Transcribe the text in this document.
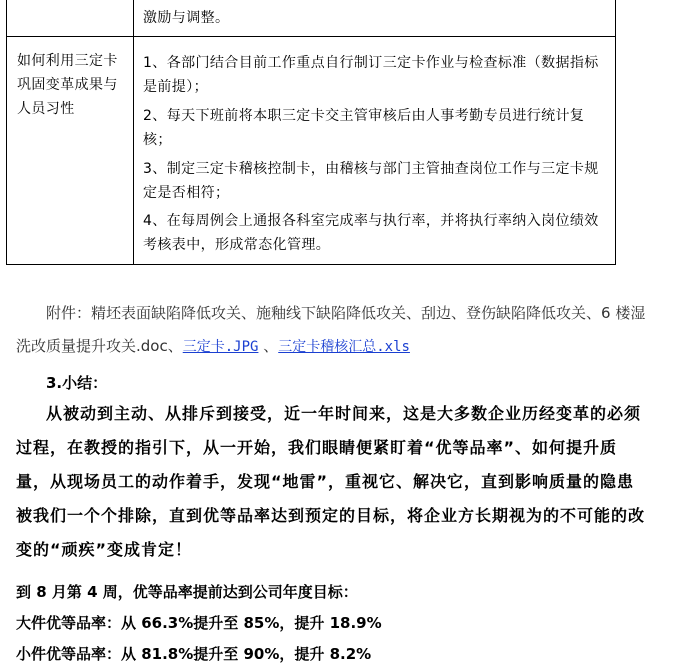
激励与调整。
如何利用三定卡巩固变革成果与人员习性
1、各部门结合目前工作重点自行制订三定卡作业与检查标准（数据指标是前提）；
2、每天下班前将本职三定卡交主管审核后由人事考勤专员进行统计复核；
3、制定三定卡稽核控制卡，由稽核与部门主管抽查岗位工作与三定卡规定是否相符；
4、在每周例会上通报各科室完成率与执行率，并将执行率纳入岗位绩效考核表中，形成常态化管理。
附件：精坯表面缺陷降低攻关、施釉线下缺陷降低攻关、刮边、登伤缺陷降低攻关、6 楼湿洗改质量提升攻关.doc、三定卡.JPG 、三定卡稽核汇总.xls
3.小结：
从被动到主动、从排斥到接受，近一年时间来，这是大多数企业历经变革的必须过程，在教授的指引下，从一开始，我们眼睛便紧盯着“优等品率”、如何提升质量，从现场员工的动作着手，发现“地雷”，重视它、解决它，直到影响质量的隐患被我们一个个排除，直到优等品率达到预定的目标，将企业方长期视为的不可能的改变的“顽疾”变成肯定！
到 8 月第 4 周，优等品率提前达到公司年度目标：
大件优等品率：从 66.3%提升至 85%，提升 18.9%
小件优等品率：从 81.8%提升至 90%，提升 8.2%
